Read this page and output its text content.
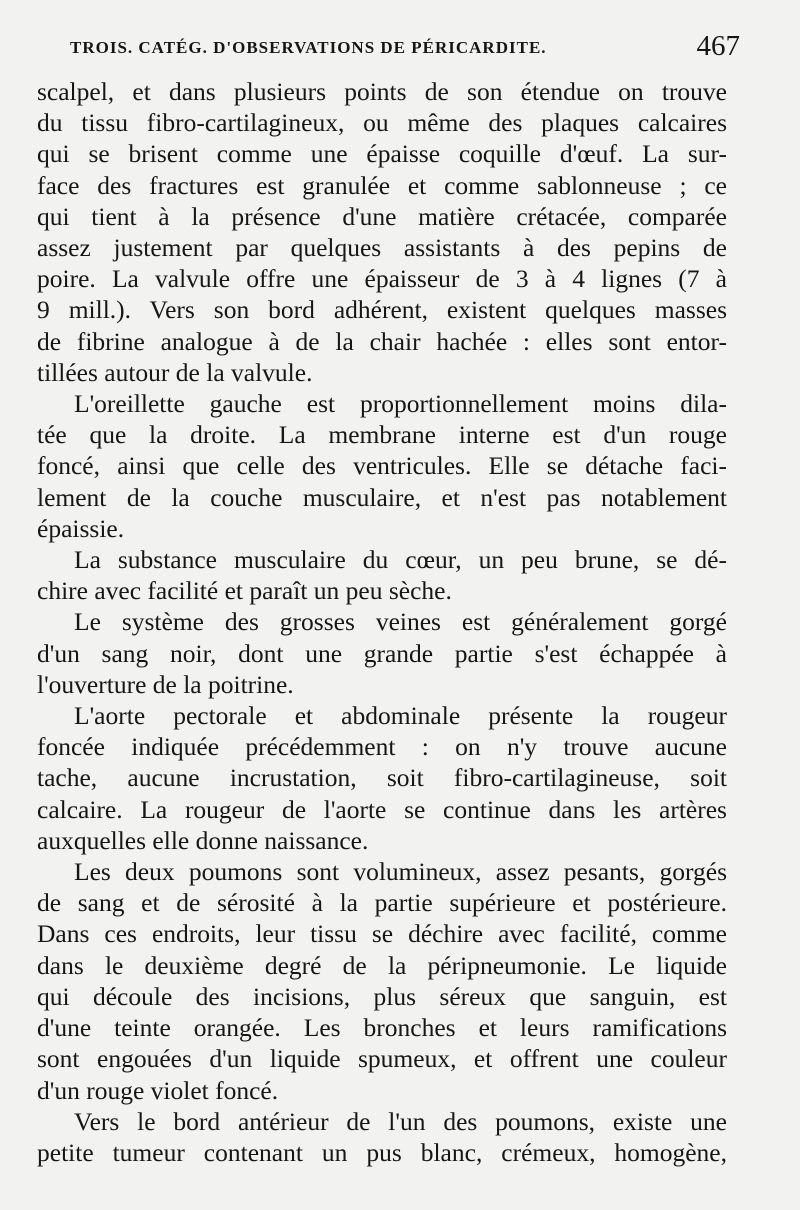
TROIS. CATÉG. D'OBSERVATIONS DE PÉRICARDITE.	467

scalpel, et dans plusieurs points de son étendue on trouve
du tissu fibro-cartilagineux, ou même des plaques calcaires
qui se brisent comme une épaisse coquille d'œuf. La sur-
face des fractures est granulée et comme sablonneuse ; ce
qui tient à la présence d'une matière crétacée, comparée
assez justement par quelques assistants à des pepins de
poire. La valvule offre une épaisseur de 3 à 4 lignes (7 à
9 mill.). Vers son bord adhérent, existent quelques masses
de fibrine analogue à de la chair hachée : elles sont entor-
tillées autour de la valvule.

L'oreillette gauche est proportionnellement moins dila-
tée que la droite. La membrane interne est d'un rouge
foncé, ainsi que celle des ventricules. Elle se détache faci-
lement de la couche musculaire, et n'est pas notablement
épaissie.

La substance musculaire du cœur, un peu brune, se dé-
chire avec facilité et paraît un peu sèche.

Le système des grosses veines est généralement gorgé
d'un sang noir, dont une grande partie s'est échappée à
l'ouverture de la poitrine.

L'aorte pectorale et abdominale présente la rougeur
foncée indiquée précédemment : on n'y trouve aucune
tache, aucune incrustation, soit fibro-cartilagineuse, soit
calcaire. La rougeur de l'aorte se continue dans les artères
auxquelles elle donne naissance.

Les deux poumons sont volumineux, assez pesants, gorgés
de sang et de sérosité à la partie supérieure et postérieure.
Dans ces endroits, leur tissu se déchire avec facilité, comme
dans le deuxième degré de la péripneumonie. Le liquide
qui découle des incisions, plus séreux que sanguin, est
d'une teinte orangée. Les bronches et leurs ramifications
sont engouées d'un liquide spumeux, et offrent une couleur
d'un rouge violet foncé.

Vers le bord antérieur de l'un des poumons, existe une
petite tumeur contenant un pus blanc, crémeux, homogène,
